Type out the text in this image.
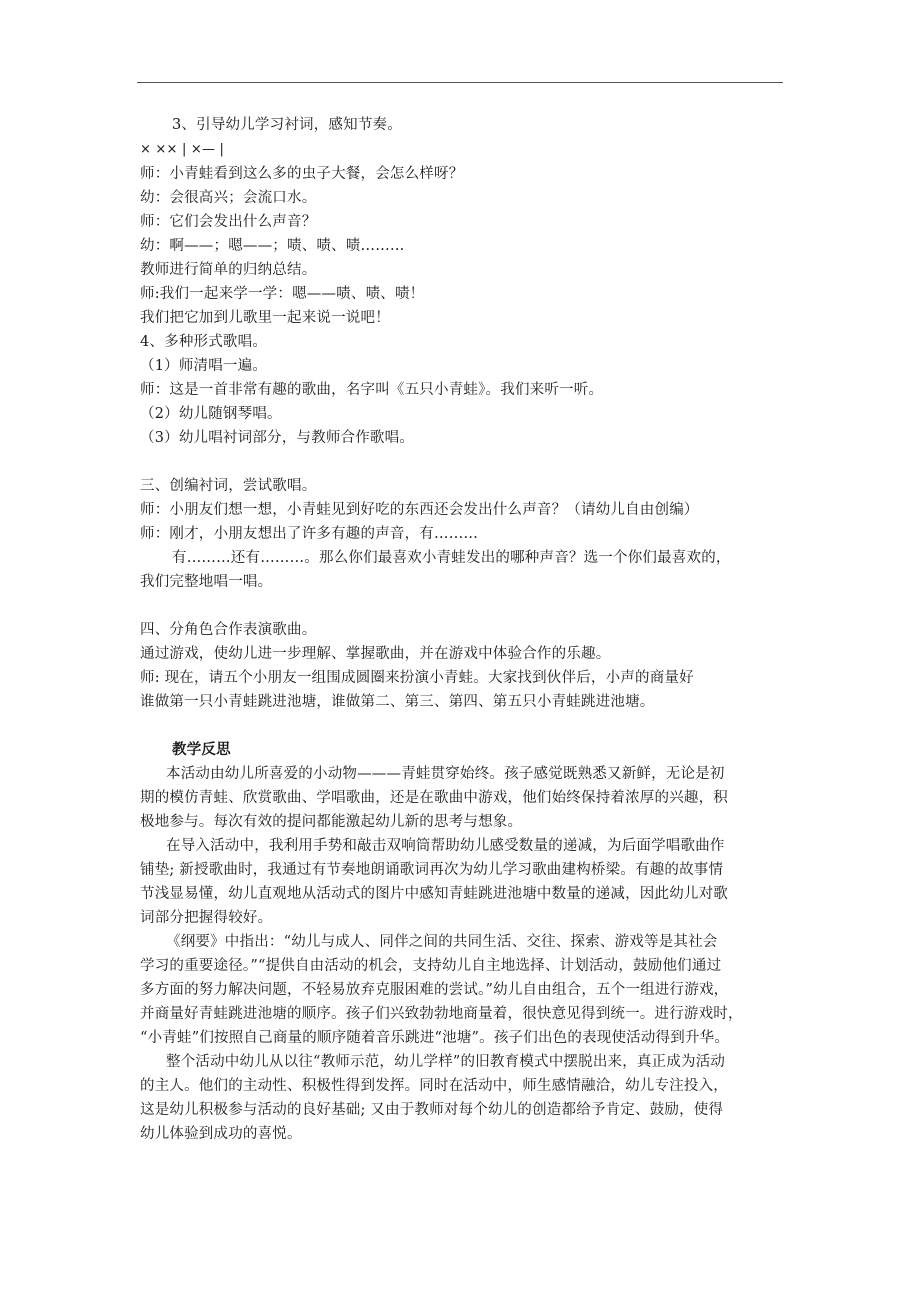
3、引导幼儿学习衬词，感知节奏。
× ×× | ×— |
师：小青蛙看到这么多的虫子大餐，会怎么样呀？
幼：会很高兴；会流口水。
师：它们会发出什么声音？
幼：啊——；嗯——；啧、啧、啧………
教师进行简单的归纳总结。
师:我们一起来学一学：嗯——啧、啧、啧！
我们把它加到儿歌里一起来说一说吧！
4、多种形式歌唱。
（1）师清唱一遍。
师：这是一首非常有趣的歌曲，名字叫《五只小青蛙》。我们来听一听。
（2）幼儿随钢琴唱。
（3）幼儿唱衬词部分，与教师合作歌唱。
三、创编衬词，尝试歌唱。
师：小朋友们想一想，小青蛙见到好吃的东西还会发出什么声音？（请幼儿自由创编）
师：刚才，小朋友想出了许多有趣的声音，有………
有………还有………。那么你们最喜欢小青蛙发出的哪种声音？选一个你们最喜欢的，
我们完整地唱一唱。
四、分角色合作表演歌曲。
通过游戏，使幼儿进一步理解、掌握歌曲，并在游戏中体验合作的乐趣。
师: 现在，请五个小朋友一组围成圆圈来扮演小青蛙。大家找到伙伴后，小声的商量好
谁做第一只小青蛙跳进池塘，谁做第二、第三、第四、第五只小青蛙跳进池塘。
教学反思
本活动由幼儿所喜爱的小动物———青蛙贯穿始终。孩子感觉既熟悉又新鲜，无论是初
期的模仿青蛙、欣赏歌曲、学唱歌曲，还是在歌曲中游戏，他们始终保持着浓厚的兴趣，积
极地参与。每次有效的提问都能激起幼儿新的思考与想象。
在导入活动中，我利用手势和敲击双响筒帮助幼儿感受数量的递减，为后面学唱歌曲作
铺垫; 新授歌曲时，我通过有节奏地朗诵歌词再次为幼儿学习歌曲建构桥梁。有趣的故事情
节浅显易懂，幼儿直观地从活动式的图片中感知青蛙跳进池塘中数量的递减，因此幼儿对歌
词部分把握得较好。
《纲要》中指出：“幼儿与成人、同伴之间的共同生活、交往、探索、游戏等是其社会
学习的重要途径。”“提供自由活动的机会，支持幼儿自主地选择、计划活动，鼓励他们通过
多方面的努力解决问题，不轻易放弃克服困难的尝试。”幼儿自由组合，五个一组进行游戏，
并商量好青蛙跳进池塘的顺序。孩子们兴致勃勃地商量着，很快意见得到统一。进行游戏时，
“小青蛙”们按照自己商量的顺序随着音乐跳进“池塘”。孩子们出色的表现使活动得到升华。
整个活动中幼儿从以往“教师示范，幼儿学样”的旧教育模式中摆脱出来，真正成为活动
的主人。他们的主动性、积极性得到发挥。同时在活动中，师生感情融洽，幼儿专注投入，
这是幼儿积极参与活动的良好基础; 又由于教师对每个幼儿的创造都给予肯定、鼓励，使得
幼儿体验到成功的喜悦。
